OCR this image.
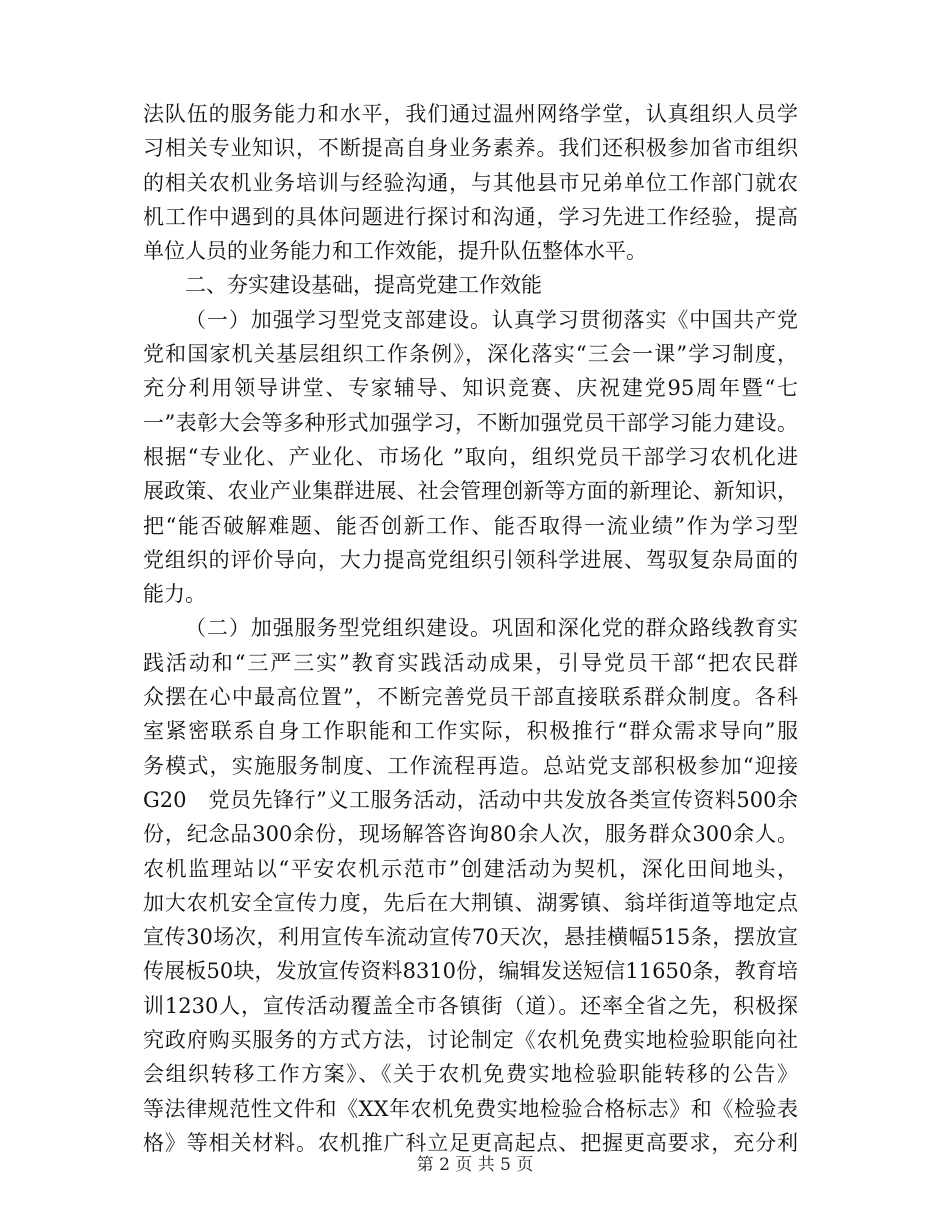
法队伍的服务能力和水平，我们通过温州网络学堂，认真组织人员学
习相关专业知识，不断提高自身业务素养。我们还积极参加省市组织
的相关农机业务培训与经验沟通，与其他县市兄弟单位工作部门就农
机工作中遇到的具体问题进行探讨和沟通，学习先进工作经验，提高
单位人员的业务能力和工作效能，提升队伍整体水平。
二、夯实建设基础，提高党建工作效能
（一）加强学习型党支部建设。认真学习贯彻落实《中国共产党
党和国家机关基层组织工作条例》，深化落实“三会一课”学习制度，
充分利用领导讲堂、专家辅导、知识竞赛、庆祝建党95周年暨“七
一”表彰大会等多种形式加强学习，不断加强党员干部学习能力建设。
根据“专业化、产业化、市场化 ”取向，组织党员干部学习农机化进
展政策、农业产业集群进展、社会管理创新等方面的新理论、新知识，
把“能否破解难题、能否创新工作、能否取得一流业绩”作为学习型
党组织的评价导向，大力提高党组织引领科学进展、驾驭复杂局面的
能力。
（二）加强服务型党组织建设。巩固和深化党的群众路线教育实
践活动和“三严三实”教育实践活动成果，引导党员干部“把农民群
众摆在心中最高位置”，不断完善党员干部直接联系群众制度。各科
室紧密联系自身工作职能和工作实际，积极推行“群众需求导向”服
务模式，实施服务制度、工作流程再造。总站党支部积极参加“迎接
G20　党员先锋行”义工服务活动，活动中共发放各类宣传资料500余
份，纪念品300余份，现场解答咨询80余人次，服务群众300余人。
农机监理站以“平安农机示范市”创建活动为契机，深化田间地头，
加大农机安全宣传力度，先后在大荆镇、湖雾镇、翁垟街道等地定点
宣传30场次，利用宣传车流动宣传70天次，悬挂横幅515条，摆放宣
传展板50块，发放宣传资料8310份，编辑发送短信11650条，教育培
训1230人，宣传活动覆盖全市各镇街（道）。还率全省之先，积极探
究政府购买服务的方式方法，讨论制定《农机免费实地检验职能向社
会组织转移工作方案》、《关于农机免费实地检验职能转移的公告》
等法律规范性文件和《XX年农机免费实地检验合格标志》和《检验表
格》等相关材料。农机推广科立足更高起点、把握更高要求，充分利
第 2 页 共 5 页
